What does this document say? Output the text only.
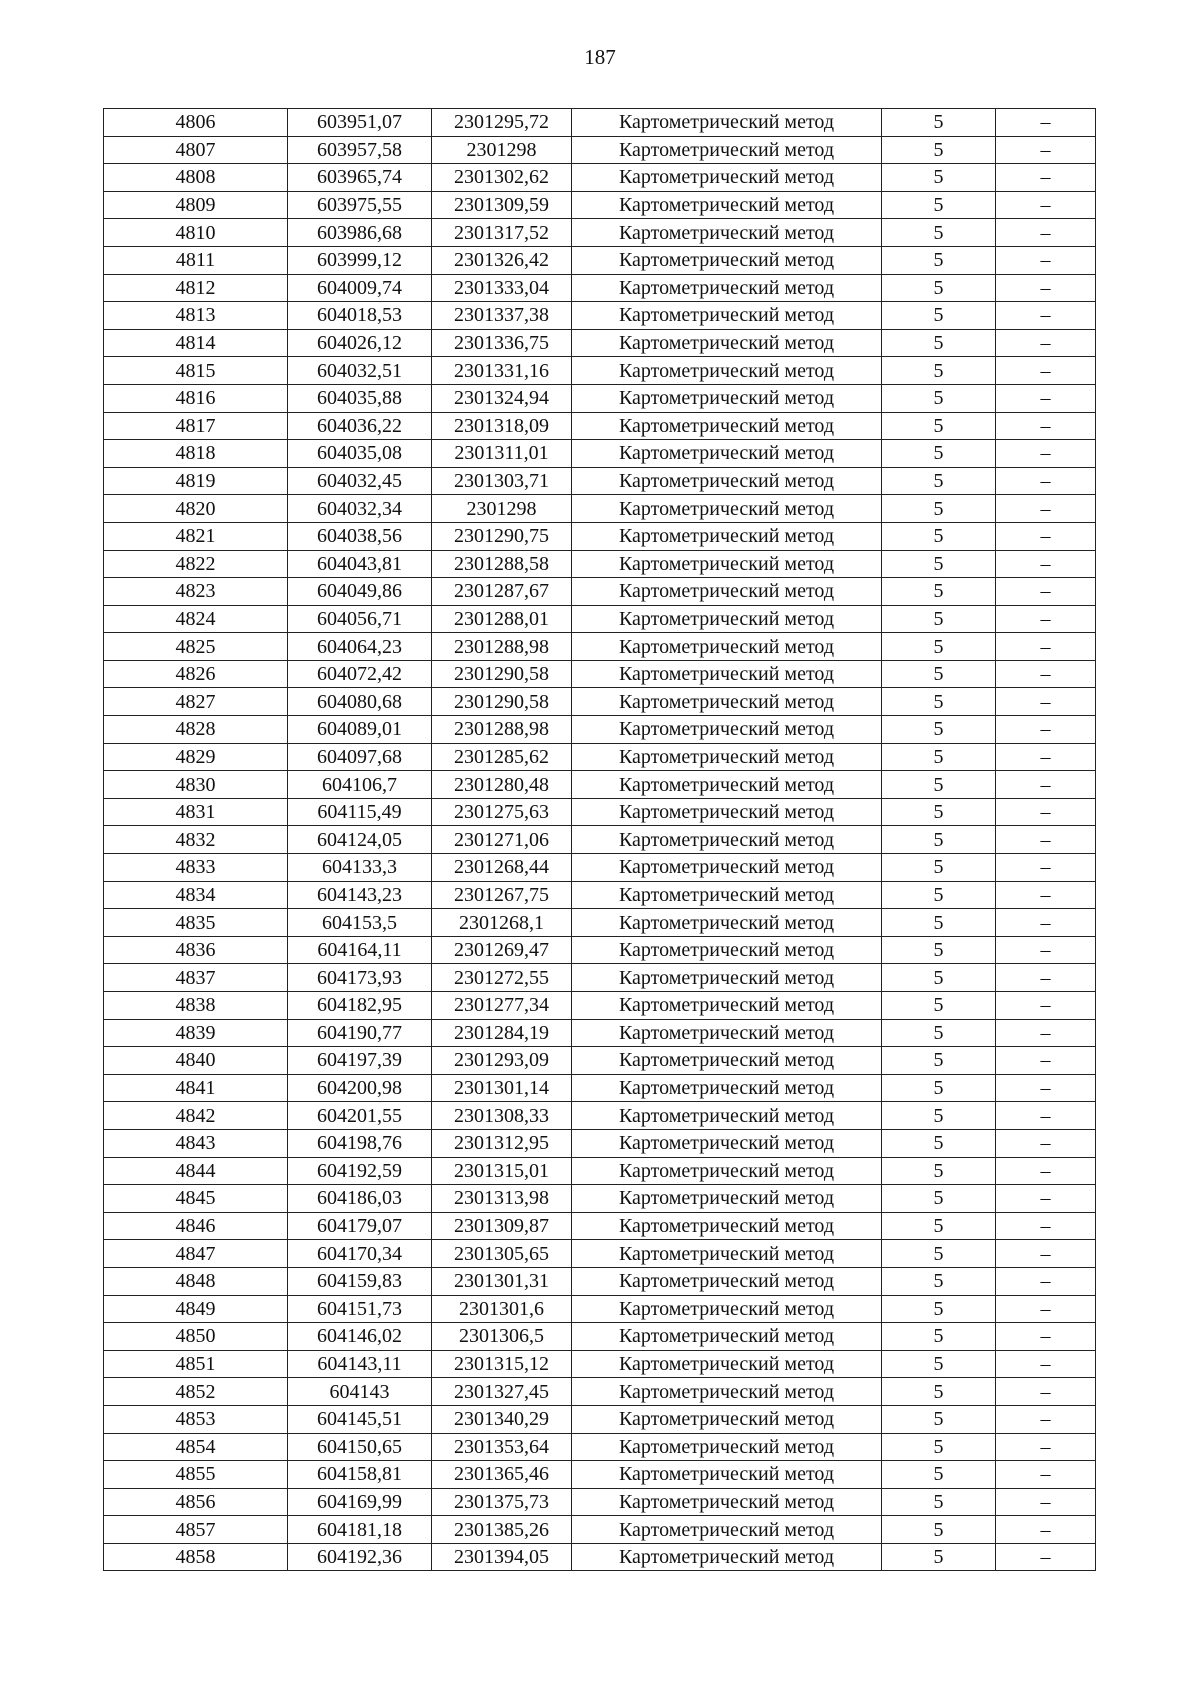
187
4806	603951,07	2301295,72	Картометрический метод	5	–
4807	603957,58	2301298	Картометрический метод	5	–
4808	603965,74	2301302,62	Картометрический метод	5	–
4809	603975,55	2301309,59	Картометрический метод	5	–
4810	603986,68	2301317,52	Картометрический метод	5	–
4811	603999,12	2301326,42	Картометрический метод	5	–
4812	604009,74	2301333,04	Картометрический метод	5	–
4813	604018,53	2301337,38	Картометрический метод	5	–
4814	604026,12	2301336,75	Картометрический метод	5	–
4815	604032,51	2301331,16	Картометрический метод	5	–
4816	604035,88	2301324,94	Картометрический метод	5	–
4817	604036,22	2301318,09	Картометрический метод	5	–
4818	604035,08	2301311,01	Картометрический метод	5	–
4819	604032,45	2301303,71	Картометрический метод	5	–
4820	604032,34	2301298	Картометрический метод	5	–
4821	604038,56	2301290,75	Картометрический метод	5	–
4822	604043,81	2301288,58	Картометрический метод	5	–
4823	604049,86	2301287,67	Картометрический метод	5	–
4824	604056,71	2301288,01	Картометрический метод	5	–
4825	604064,23	2301288,98	Картометрический метод	5	–
4826	604072,42	2301290,58	Картометрический метод	5	–
4827	604080,68	2301290,58	Картометрический метод	5	–
4828	604089,01	2301288,98	Картометрический метод	5	–
4829	604097,68	2301285,62	Картометрический метод	5	–
4830	604106,7	2301280,48	Картометрический метод	5	–
4831	604115,49	2301275,63	Картометрический метод	5	–
4832	604124,05	2301271,06	Картометрический метод	5	–
4833	604133,3	2301268,44	Картометрический метод	5	–
4834	604143,23	2301267,75	Картометрический метод	5	–
4835	604153,5	2301268,1	Картометрический метод	5	–
4836	604164,11	2301269,47	Картометрический метод	5	–
4837	604173,93	2301272,55	Картометрический метод	5	–
4838	604182,95	2301277,34	Картометрический метод	5	–
4839	604190,77	2301284,19	Картометрический метод	5	–
4840	604197,39	2301293,09	Картометрический метод	5	–
4841	604200,98	2301301,14	Картометрический метод	5	–
4842	604201,55	2301308,33	Картометрический метод	5	–
4843	604198,76	2301312,95	Картометрический метод	5	–
4844	604192,59	2301315,01	Картометрический метод	5	–
4845	604186,03	2301313,98	Картометрический метод	5	–
4846	604179,07	2301309,87	Картометрический метод	5	–
4847	604170,34	2301305,65	Картометрический метод	5	–
4848	604159,83	2301301,31	Картометрический метод	5	–
4849	604151,73	2301301,6	Картометрический метод	5	–
4850	604146,02	2301306,5	Картометрический метод	5	–
4851	604143,11	2301315,12	Картометрический метод	5	–
4852	604143	2301327,45	Картометрический метод	5	–
4853	604145,51	2301340,29	Картометрический метод	5	–
4854	604150,65	2301353,64	Картометрический метод	5	–
4855	604158,81	2301365,46	Картометрический метод	5	–
4856	604169,99	2301375,73	Картометрический метод	5	–
4857	604181,18	2301385,26	Картометрический метод	5	–
4858	604192,36	2301394,05	Картометрический метод	5	–
